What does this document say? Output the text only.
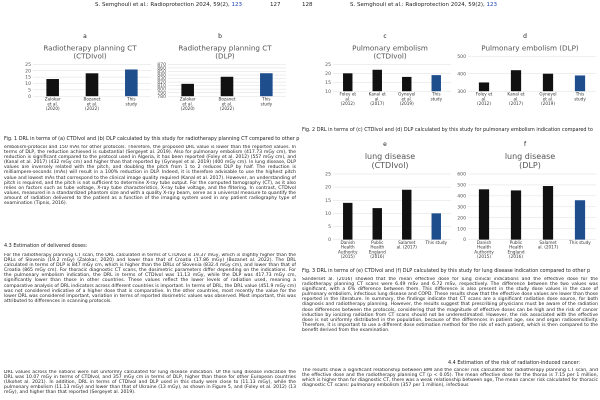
S. Semghouli et al.: Radioprotection 2024, 59(2), 123	127
a
Radiotherapy planning CT
(CTDIvol)
0
5
10
15
20
25
Zalokar
et al.
(2020)
Bozanet
et al.
(2022)
This
study
b
Radiotherapy planning CT
(DLP)
780
790
800
810
820
830
840
850
860
870
Zalokar
et al.
(2020)
Bozanet
et al.
(2022)
This
study
Fig. 1 DRL in terms of (a) CTDIvol and (b) DLP calculated by this study for radiotherapy planning CT compared to other p
embolism-protocol and 150 mAs for other protocols. Therefore, the proposed DRL value is lower than the reported values. In terms of DLP, the reduction achieved is substantial (Sergeyet al. 2019). Also for pulmonary embolism (417.73 mGy cm), the reduction is significant compared to the protocol used in Algeria, it has been reported (Foley et al. 2012) (557 mGy cm), and (Kanal et al. 2017) (432 mGy cm) and higher than that reported by (Gyneyel et al. 2019) (400 mGy cm). In lung disease, DLP values are inversely related with the pitch, and doubling the pitch from 1 to 2 reduces DLP by half. The reduction is milliampere-seconds (mAs) will result in a 100% reduction in DLP. Indeed, it is therefore advisable to use the highest pitch value and lowest mAs that correspond to the clinical image quality required (Kanal et al. 2017). However, an understanding of pitch is required, and the pitch is not sufficient to determine X-ray tube output. For the computed tomography (CT), as it also relies on factors such as tube voltage, X-ray tube characteristics, X-ray tube voltage, and the filtering. In contrast, CTDIvol values, measured in a standardized phantom size and with a quality X-ray beam, serve as a universal measure to quantify the amount of radiation delivered to the patient as a function of the imaging system used in any patient radiography type of examination (Tipnis, 2016).
4.3 Estimation of delivered doses:
For the radiotherapy planning CT scan, the DRL calculated in terms of CTDIvol is 19.37 mGy, which is slightly higher than the DRLs of Slovenia (19.2 mGy) (Zalokar, 2020) and lower than that of Croatia (17.86 mGy) (Bozanet al. 2022). The DRL calculated in terms of DLP is 847 mGy cm, which is higher than the DRLs of Slovenia (832.4 mGy cm), and lower than that of Croatia (865 mGy cm). For thoracic diagnostic CT scans, the dosimetric parameters differ depending on the indications. For the pulmonary embolism indication, the DRL in terms of CTDIvol was 11.13 mGy, while the DLP was 417.73 mGy cm, significantly lower than those in other countries. These values reflect the lower levels of radiation used, meaning a comparative analysis of DRL indicators across different countries is important. In terms of DRL, the DRL value (451.9 mGy cm) was not considered indicative of a higher dose that is comparative. In the other countries, most recently the value for the lower DRL was considered important, variation in terms of reported dosimetric values was observed. Most important, this was attributed to differences in scanning protocols.
DRL values across the nations were not uniformly calculated for lung disease indication. Of the lung disease indication the DRL was 10.07 mGy in terms of CTDIvol, and 357 mGy cm in terms of DLP, higher than those for other European countries (Ukohet al. 2021). In addition, DRL in terms of CTDIvol and DLP used in this study were close to (11.13 mGy), while the pulmonary embolism (11.13 mGy) and lower than that of Ukraine (13 mGy), as shown in Figure 5, and (Foley et al. 2012) (13 mGy), and higher than that reported (Sergeyet al. 2019).
128	S. Semghouli et al.: Radioprotection 2024, 59(2), 123
c
Pulmonary embolism
(CTDIvol)
10
15
20
25
Foley et
al.
(2012)
Kanal et
al.
(2017)
Gyneyel
et al.
(2019)
This
study
d
Pulmonary embolism (DLP)
300
400
500
Foley et
al.
(2012)
Kanal et
al.
(2017)
Gyneyel
et al.
(2019)
This
study
Fig. 2 DRL in terms of (c) CTDIvol and (d) DLP calculated by this study for pulmonary embolism indication compared to
e
lung disease
(CTDIvol)
0
5
10
15
20
25
Danish
Health
Authority
(2015)
Public
Health
England
(2016)
Salamet
al. (2017)
This study
f
lung disease
(DLP)
0
100
200
300
400
500
600
Danish
Health
Authority
(2015)
Public
Health
England
(2016)
Salamet
al. (2017)
This study
Fig. 3 DRL in terms of (e) CTDIvol and (f) DLP calculated by this study for lung disease indication compared to other p
Sanderset al. (2016) showed that the mean effective dose for lung clinical indications and the effective dose for the radiotherapy planning CT scans were 6.49 mSv and 6.72 mSv, respectively. The difference between the two values was significant, with a 6% difference between them. This difference is also present in the study dose values in the case of pulmonary embolism, infectious lung disease and COPD. These results show that the effective dose values are lower than those reported in the literature. In summary, the findings indicate that CT scans are a significant radiation dose source, for both diagnosis and radiotherapy planning. However, the results suggest that prescribing physicians must be aware of the radiation dose differences between the protocols, considering that the magnitude of effective doses can be high and the risk of cancer induction by ionizing radiation from CT scans should not be underestimated. However, the risk associated with the effective dose is not uniformly distributed in the population, because of the differences in patient age, sex and organ radiosensitivity. Therefore, it is important to use a different dose estimation method for the risk of each patient, which is then compared to the benefit derived from the examination.
4.4 Estimation of the risk of radiation-induced cancer:
The results show a significant relationship between BMI and the cancer risk calculated for radiotherapy planning CT scan, and the effective dose and the radiotherapy planning CT (p < 0.05). The mean effective dose for the thorax is 7.15 per 1 million, which is higher than for diagnostic CT, there was a weak relationship between age, The mean cancer risk calculated for thoracic diagnostic CT scans: pulmonary embolism (357 per 1 million), infectious
